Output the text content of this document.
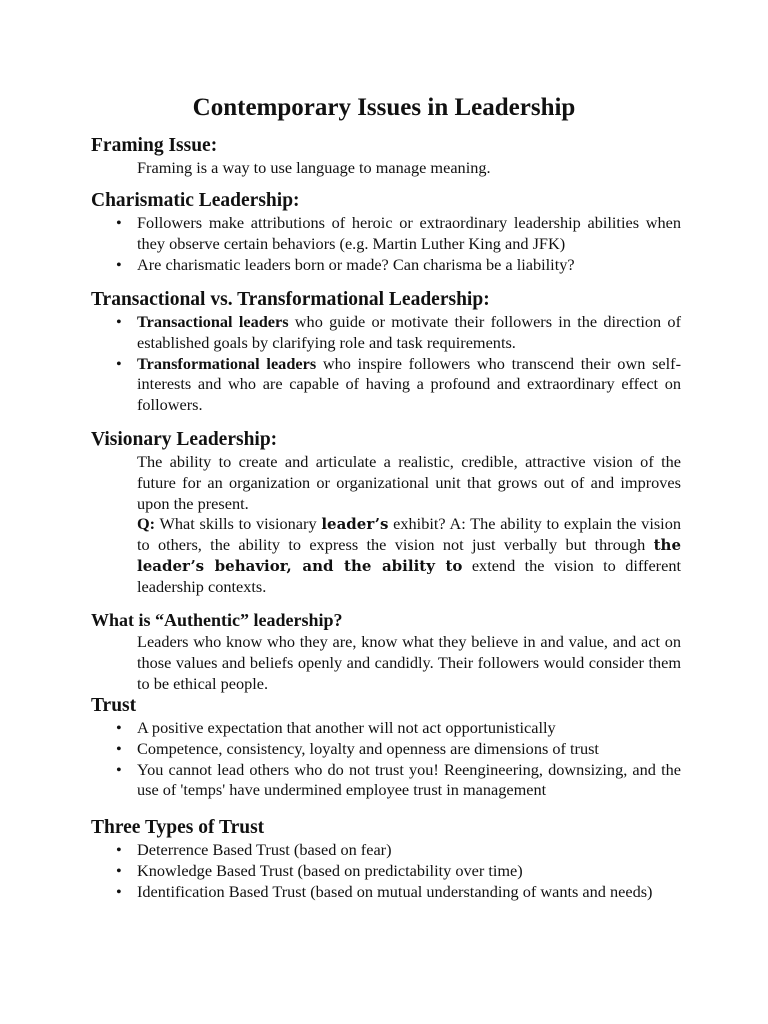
Contemporary Issues in Leadership

Framing Issue:

Framing is a way to use language to manage meaning.

Charismatic Leadership:

• Followers make attributions of heroic or extraordinary leadership abilities when they observe certain behaviors (e.g. Martin Luther King and JFK)
• Are charismatic leaders born or made? Can charisma be a liability?

Transactional vs. Transformational Leadership:

• Transactional leaders who guide or motivate their followers in the direction of established goals by clarifying role and task requirements.
• Transformational leaders who inspire followers who transcend their own self-interests and who are capable of having a profound and extraordinary effect on followers.

Visionary Leadership:

The ability to create and articulate a realistic, credible, attractive vision of the future for an organization or organizational unit that grows out of and improves upon the present.

Q: What skills to visionary leader’s exhibit? A: The ability to explain the vision to others, the ability to express the vision not just verbally but through the leader’s behavior, and the ability to extend the vision to different leadership contexts.

What is “Authentic” leadership?

Leaders who know who they are, know what they believe in and value, and act on those values and beliefs openly and candidly. Their followers would consider them to be ethical people.

Trust

• A positive expectation that another will not act opportunistically
• Competence, consistency, loyalty and openness are dimensions of trust
• You cannot lead others who do not trust you! Reengineering, downsizing, and the use of 'temps' have undermined employee trust in management

Three Types of Trust

• Deterrence Based Trust (based on fear)
• Knowledge Based Trust (based on predictability over time)
• Identification Based Trust (based on mutual understanding of wants and needs)
